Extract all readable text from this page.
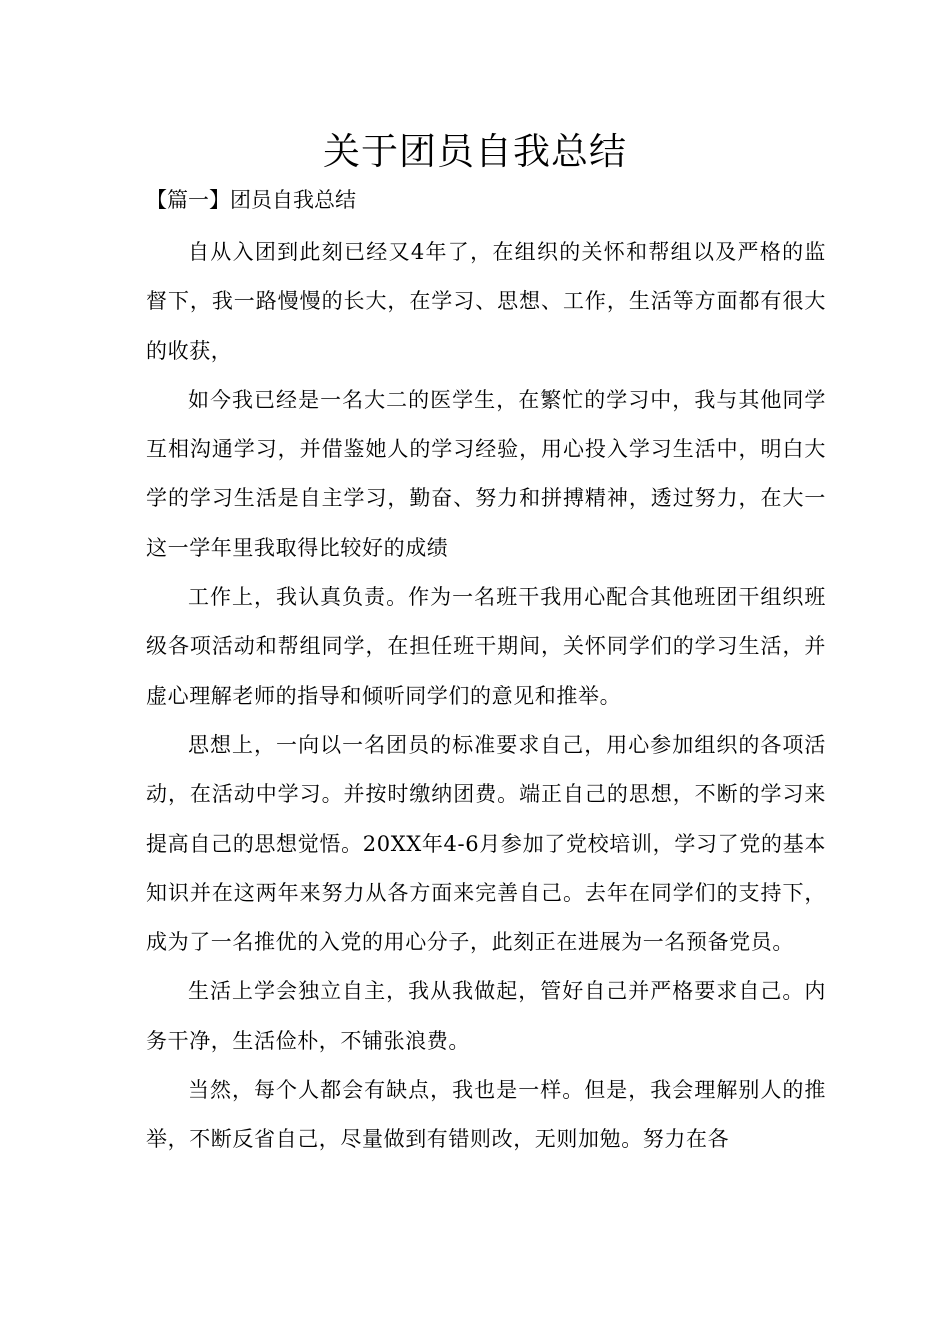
关于团员自我总结
【篇一】团员自我总结

自从入团到此刻已经又4年了，在组织的关怀和帮组以及严格的监督下，我一路慢慢的长大，在学习、思想、工作，生活等方面都有很大的收获，

如今我已经是一名大二的医学生，在繁忙的学习中，我与其他同学互相沟通学习，并借鉴她人的学习经验，用心投入学习生活中，明白大学的学习生活是自主学习，勤奋、努力和拼搏精神，透过努力，在大一这一学年里我取得比较好的成绩

工作上，我认真负责。作为一名班干我用心配合其他班团干组织班级各项活动和帮组同学，在担任班干期间，关怀同学们的学习生活，并虚心理解老师的指导和倾听同学们的意见和推举。

思想上，一向以一名团员的标准要求自己，用心参加组织的各项活动，在活动中学习。并按时缴纳团费。端正自己的思想，不断的学习来提高自己的思想觉悟。20XX年4-6月参加了党校培训，学习了党的基本知识并在这两年来努力从各方面来完善自己。去年在同学们的支持下，成为了一名推优的入党的用心分子，此刻正在进展为一名预备党员。

生活上学会独立自主，我从我做起，管好自己并严格要求自己。内务干净，生活俭朴，不铺张浪费。

当然，每个人都会有缺点，我也是一样。但是，我会理解别人的推举，不断反省自己，尽量做到有错则改，无则加勉。努力在各
